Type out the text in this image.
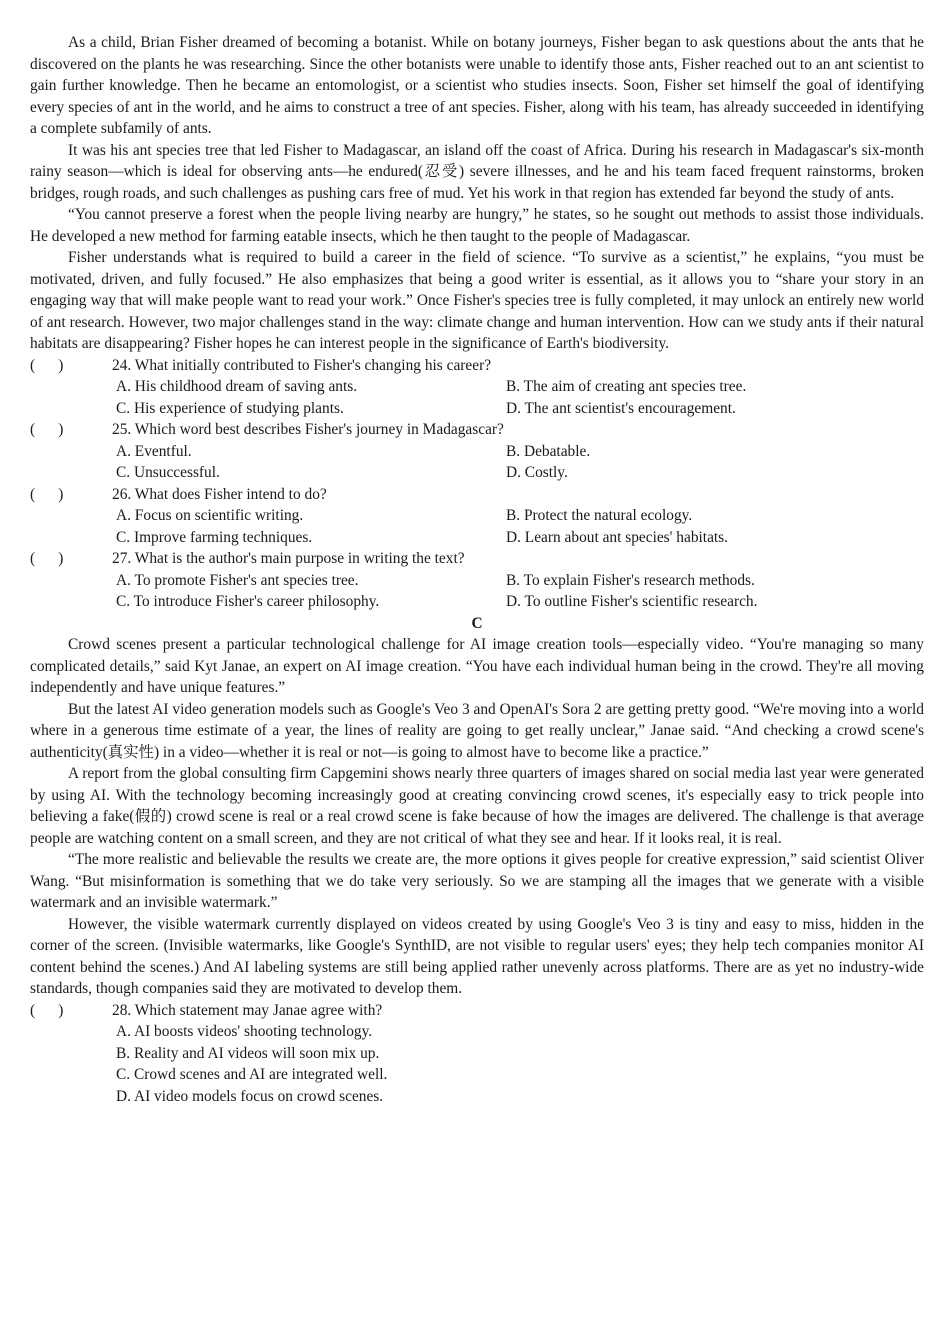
As a child, Brian Fisher dreamed of becoming a botanist. While on botany journeys, Fisher began to ask questions about the ants that he discovered on the plants he was researching. Since the other botanists were unable to identify those ants, Fisher reached out to an ant scientist to gain further knowledge. Then he became an entomologist, or a scientist who studies insects. Soon, Fisher set himself the goal of identifying every species of ant in the world, and he aims to construct a tree of ant species. Fisher, along with his team, has already succeeded in identifying a complete subfamily of ants.

It was his ant species tree that led Fisher to Madagascar, an island off the coast of Africa. During his research in Madagascar's six-month rainy season—which is ideal for observing ants—he endured(忍受) severe illnesses, and he and his team faced frequent rainstorms, broken bridges, rough roads, and such challenges as pushing cars free of mud. Yet his work in that region has extended far beyond the study of ants.

“You cannot preserve a forest when the people living nearby are hungry,” he states, so he sought out methods to assist those individuals. He developed a new method for farming eatable insects, which he then taught to the people of Madagascar.

Fisher understands what is required to build a career in the field of science. “To survive as a scientist,” he explains, “you must be motivated, driven, and fully focused.” He also emphasizes that being a good writer is essential, as it allows you to “share your story in an engaging way that will make people want to read your work.” Once Fisher's species tree is fully completed, it may unlock an entirely new world of ant research. However, two major challenges stand in the way: climate change and human intervention. How can we study ants if their natural habitats are disappearing? Fisher hopes he can interest people in the significance of Earth's biodiversity.

(      )	24. What initially contributed to Fisher's changing his career?
A. His childhood dream of saving ants.	B. The aim of creating ant species tree.
C. His experience of studying plants.	D. The ant scientist's encouragement.
(      )	25. Which word best describes Fisher's journey in Madagascar?
A. Eventful.	B. Debatable.
C. Unsuccessful.	D. Costly.
(      )	26. What does Fisher intend to do?
A. Focus on scientific writing.	B. Protect the natural ecology.
C. Improve farming techniques.	D. Learn about ant species' habitats.
(      )	27. What is the author's main purpose in writing the text?
A. To promote Fisher's ant species tree.	B. To explain Fisher's research methods.
C. To introduce Fisher's career philosophy.	D. To outline Fisher's scientific research.

C

Crowd scenes present a particular technological challenge for AI image creation tools—especially video. “You're managing so many complicated details,” said Kyt Janae, an expert on AI image creation. “You have each individual human being in the crowd. They're all moving independently and have unique features.”

But the latest AI video generation models such as Google's Veo 3 and OpenAI's Sora 2 are getting pretty good. “We're moving into a world where in a generous time estimate of a year, the lines of reality are going to get really unclear,” Janae said. “And checking a crowd scene's authenticity(真实性) in a video—whether it is real or not—is going to almost have to become like a practice.”

A report from the global consulting firm Capgemini shows nearly three quarters of images shared on social media last year were generated by using AI. With the technology becoming increasingly good at creating convincing crowd scenes, it's especially easy to trick people into believing a fake(假的) crowd scene is real or a real crowd scene is fake because of how the images are delivered. The challenge is that average people are watching content on a small screen, and they are not critical of what they see and hear. If it looks real, it is real.

“The more realistic and believable the results we create are, the more options it gives people for creative expression,” said scientist Oliver Wang. “But misinformation is something that we do take very seriously. So we are stamping all the images that we generate with a visible watermark and an invisible watermark.”

However, the visible watermark currently displayed on videos created by using Google's Veo 3 is tiny and easy to miss, hidden in the corner of the screen. (Invisible watermarks, like Google's SynthID, are not visible to regular users' eyes; they help tech companies monitor AI content behind the scenes.) And AI labeling systems are still being applied rather unevenly across platforms. There are as yet no industry-wide standards, though companies said they are motivated to develop them.

(      )	28. Which statement may Janae agree with?
A. AI boosts videos' shooting technology.
B. Reality and AI videos will soon mix up.
C. Crowd scenes and AI are integrated well.
D. AI video models focus on crowd scenes.
